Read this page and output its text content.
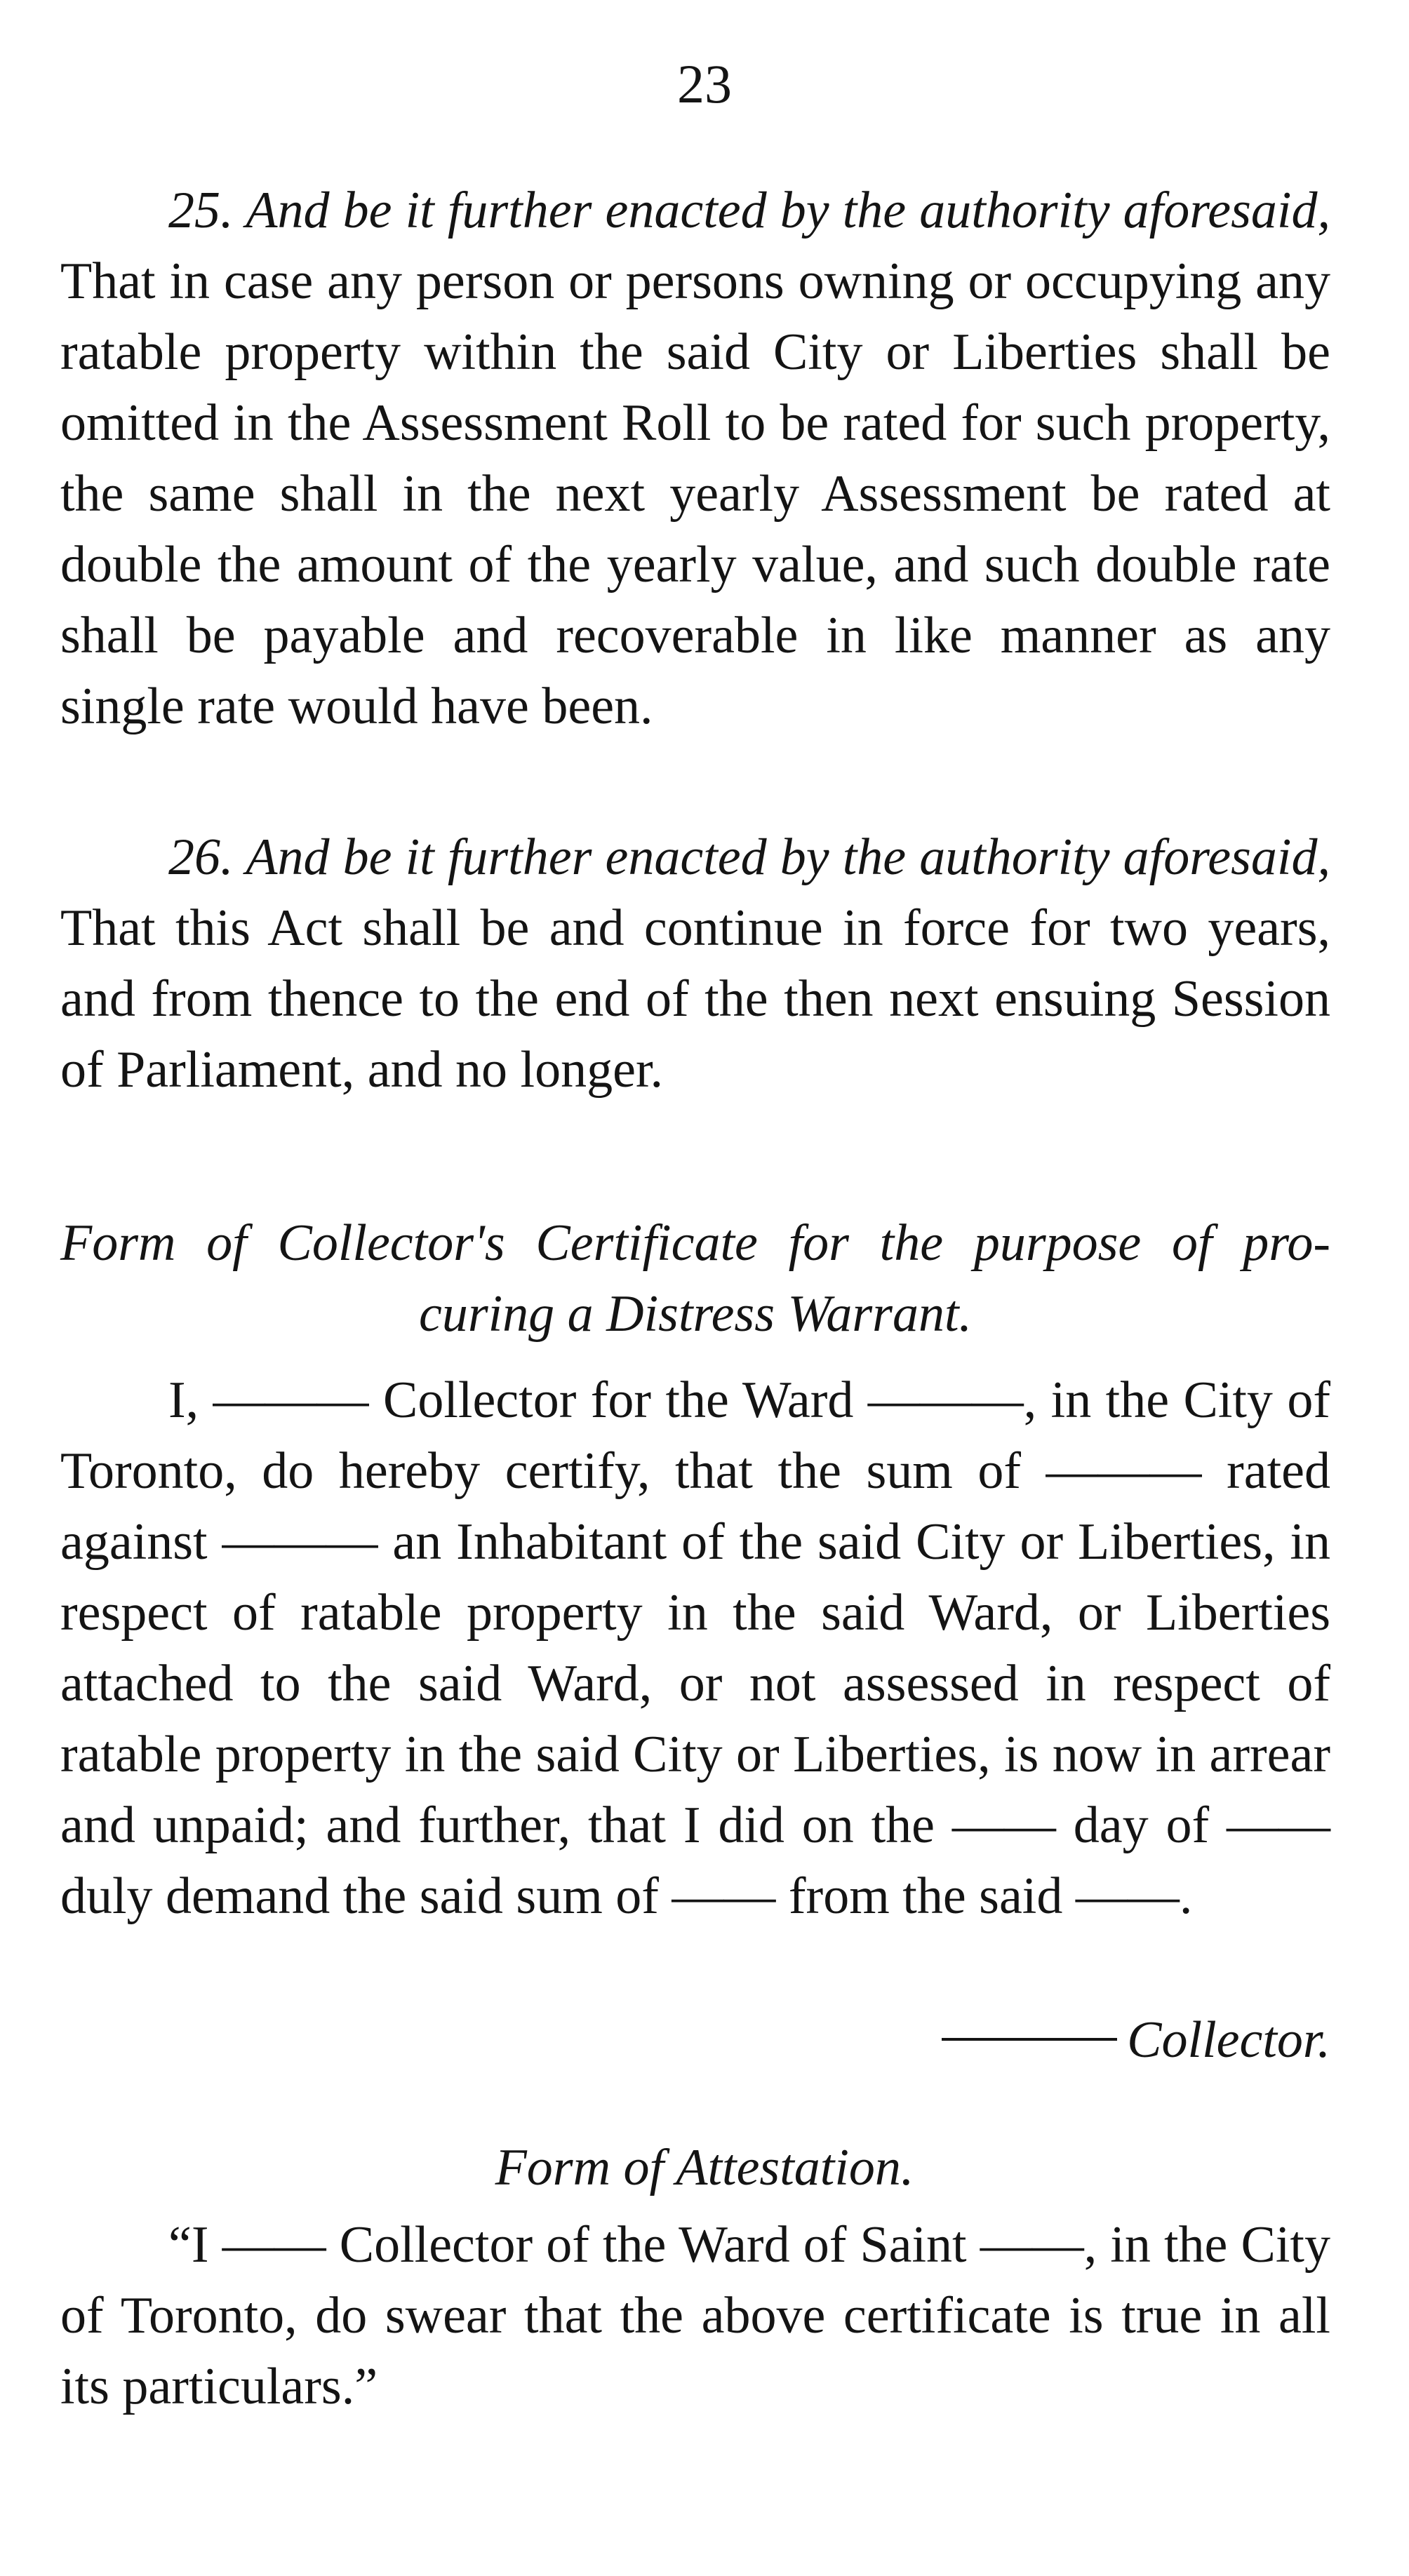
23

25. And be it further enacted by the authority aforesaid, That in case any person or persons owning or occupying any ratable property within the said City or Liberties shall be omitted in the Assessment Roll to be rated for such property, the same shall in the next yearly Assessment be rated at double the amount of the yearly value, and such double rate shall be payable and recoverable in like manner as any single rate would have been.

26. And be it further enacted by the authority aforesaid, That this Act shall be and continue in force for two years, and from thence to the end of the then next ensuing Session of Parliament, and no longer.

Form of Collector's Certificate for the purpose of pro-
curing a Distress Warrant.

I, ——— Collector for the Ward ———, in the City of Toronto, do hereby certify, that the sum of ——— rated against ——— an Inhabitant of the said City or Liberties, in respect of ratable property in the said Ward, or Liberties attached to the said Ward, or not assessed in respect of ratable property in the said City or Liberties, is now in arrear and unpaid; and further, that I did on the —— day of —— duly demand the said sum of —— from the said ——.

Collector.
Form of Attestation.

“I —— Collector of the Ward of Saint ——, in the City of Toronto, do swear that the above certificate is true in all its particulars.”
